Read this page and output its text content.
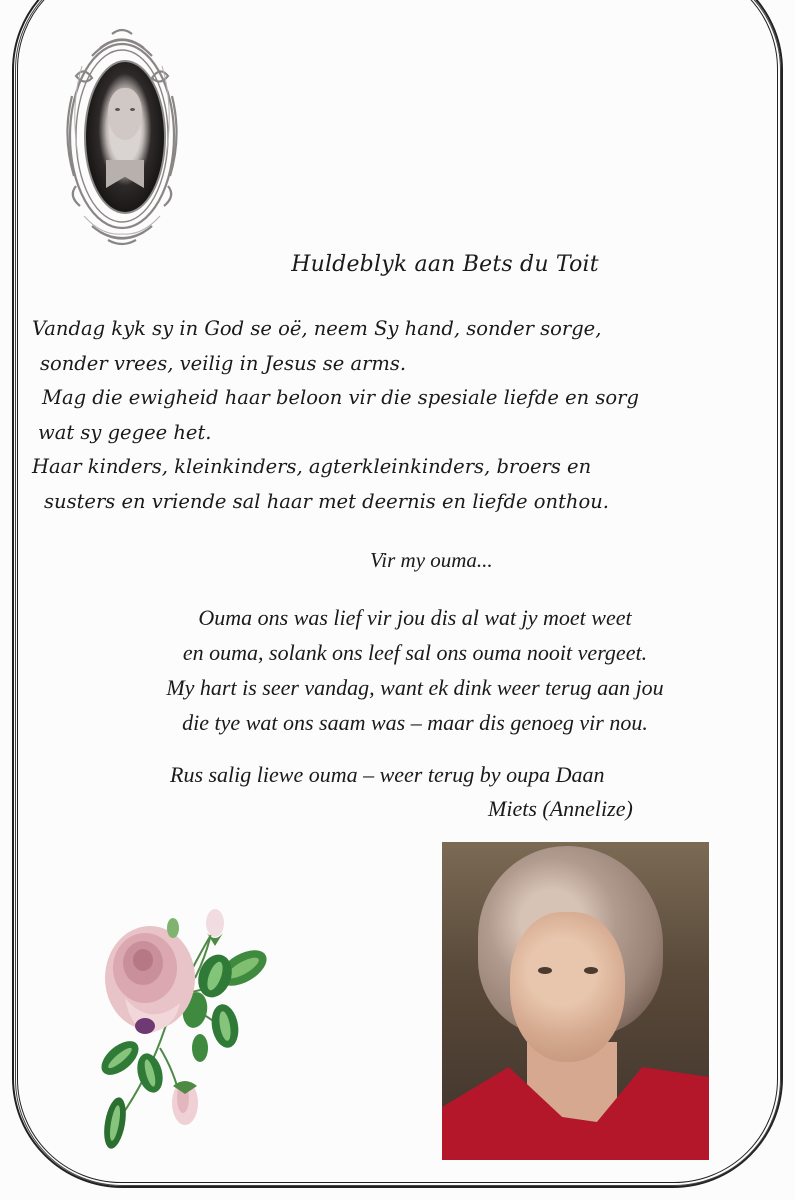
Huldeblyk aan Bets du Toit
Vandag kyk sy in God se oë, neem Sy hand, sonder sorge,
sonder vrees, veilig in Jesus se arms.
Mag die ewigheid haar beloon vir die spesiale liefde en sorg
wat sy gegee het.
Haar kinders, kleinkinders, agterkleinkinders, broers en
susters en vriende sal haar met deernis en liefde onthou.
Vir my ouma...
Ouma ons was lief vir jou dis al wat jy moet weet
en ouma, solank ons leef sal ons ouma nooit vergeet.
My hart is seer vandag, want ek dink weer terug aan jou
die tye wat ons saam was – maar dis genoeg vir nou.
Rus salig liewe ouma – weer terug by oupa Daan
Miets (Annelize)
